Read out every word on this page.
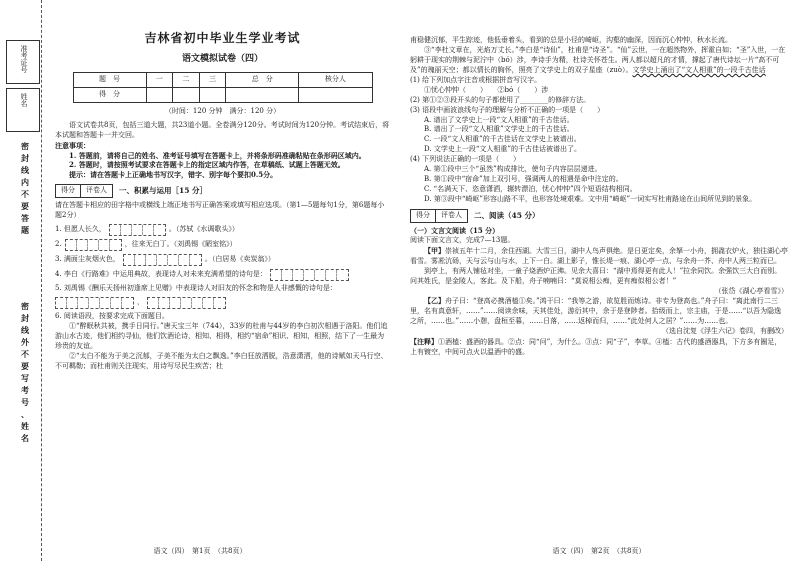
准考证号
姓名
密
封
线
内
不
要
答
题
密
封
线
外
不
要
写
考
号
、
姓
名
吉林省初中毕业生学业考试
语文模拟试卷（四）
题　号	一	二	三	总　分	核分人
得　分					
（时间：120 分钟　满分：120 分）

语文试卷共8页，包括三道大题，共23道小题。全卷满分120分。考试时间为120分钟。考试结束后，将本试题和答题卡一并交回。

注意事项：

1. 答题前，请将自己的姓名、准考证号填写在答题卡上，并将条形码准确粘贴在条形码区域内。

2. 答题时，请按照考试要求在答题卡上的指定区域内作答，在草稿纸、试题上答题无效。

提示：请在答题卡上正确地书写汉字，错字、别字每个要扣0.5分。

得分	评卷人	一、积累与运用［15 分］

请在答题卡相应的田字格中或横线上端正地书写正确答案或填写相应选项。（第1—5题每句1分，第6题每小题2分）

1. 但愿人长久，	。（苏轼《水调歌头》）
2.	，往来无白丁。（刘禹锡《陋室铭》）
3. 满面尘灰烟火色，	。（白居易《卖炭翁》）
4. 李白《行路难》中运用典故，表现诗人对未来充满希望的诗句是：

5. 刘禹锡《酬乐天扬州初逢席上见赠》中表现诗人对旧友的怀念和物是人非感慨的诗句是：

，

6. 阅读语段，按要求完成下面题目。

①“醉眠秋共被，携手日同行。”唐天宝三年（744），33岁的杜甫与44岁的李白初次相遇于洛阳。他们追游山水古迹，他们相约寻仙，他们饮酒论诗，相知、相得，相约“宿命”相识、相知，相照，结下了一生最为珍贵的友谊。

②“太白不能为于美之沉郁，子美不能为太白之飘逸。”李白狂放洒脱，浩意潇洒，他的诗赋如天马行空、不可羁勒；而杜甫则关注现实，用诗写尽民生疾苦；杜

语文（四）　第1页　（共8页）

甫稳健沉郁，平生踪迹，他低垂着头，看到的总是小径的崎岖，沟壑的幽深，因而沉心忡忡，秋水长流。

③“李杜文章在，光焰万丈长。”李白是“诗仙”，杜甫是“诗圣”。“仙”云世，一在超然物外，挥霍自如；“圣”入世，一在躬耕于现实的荆棘与泥泞中（bó）涉，李诗手为精，杜诗关怀苍生。两人都以超凡的才情，撑起了唐代诗坛一片“高不可及”的瑰丽天空；都以情长的胸怀，照亮了文学史上的双子星座（zuò）。文学史上涌出了“文人相重”的一段千古佳话

(1) 给下列加点字注音或根据拼音写汉字。

①忧心忡忡（　　）　　②bó（　　）涉

(2) 第①②③段开头的句子都使用了________的修辞方法。

(3) 语段中画波浪线句子的理解与分析不正确的一项是（　　）

A. 谱出了文学史上一段“文人相重”的千古佳话。

B. 谱出了一段“文人相重”文学史上的千古佳话。

C. 一段“文人相重”的千古佳话在文学史上被谱出。

D. 文学史上一段“文人相重”的千古佳话被谱出了。

(4) 下列说法正确的一项是（　　）

A. 第①段中三个“虽然”构成排比，使句子内容层层递进。

B. 第①段中“宿命”加上双引号，强调两人的相遇是命中注定的。

C. “名满天下、恣意潇洒，辗转漂泊，忧心忡忡”四个短语结构相同。

D. 第③段中“崎岖”形容山路不平，也形容处境艰难。文中用“崎岖”一词实写杜甫路途在山间所见到的景象。

得分	评卷人	二、阅读（45 分）

（一）文言文阅读（15 分）

阅读下面文言文，完成7—13题。

【甲】崇祯五年十二月，余住西湖。大雪三日，湖中人鸟声俱绝。是日更定矣，余拏一小舟，拥毳衣炉火，独往湖心亭看雪。雾凇沆砀，天与云与山与水，上下一白。湖上影子，惟长堤一痕、湖心亭一点、与余舟一芥、舟中人两三粒而已。

到亭上，有两人铺毡对坐，一童子烧酒炉正沸。见余大喜曰：“湖中焉得更有此人！”拉余同饮。余强饮三大白而别。问其姓氏，是金陵人，客此。及下船，舟子喃喃曰：“莫说相公痴，更有痴似相公者！”

（张岱《湖心亭看雪》）

【乙】舟子曰：“登高必携酒榼①矣。”鸿干曰：“我等之游，欲览胜而炼诗。非专为登高也。”舟子曰：“离此南行二三里，名有真意轩，……”……阅读余味，天其佳处，游衍其中，余于是登陟者。拾级而上，宗主庙，于是……“以吾为隐逸之所，……也。”……小憩，盘桓至暮，……日落，……返棹而归，……“此处何人之居？”……为……也。

（选自沈复《浮生六记》卷四，有删改）

【注释】①酒榼：盛酒的器具。②点：同“问”，为什么。③点：同“子”，李草。④榼：古代的盛酒器具，下方多有圈足，上有镀空，中间可点火以温酒中的盛。

语文（四）　第2页　（共8页）
